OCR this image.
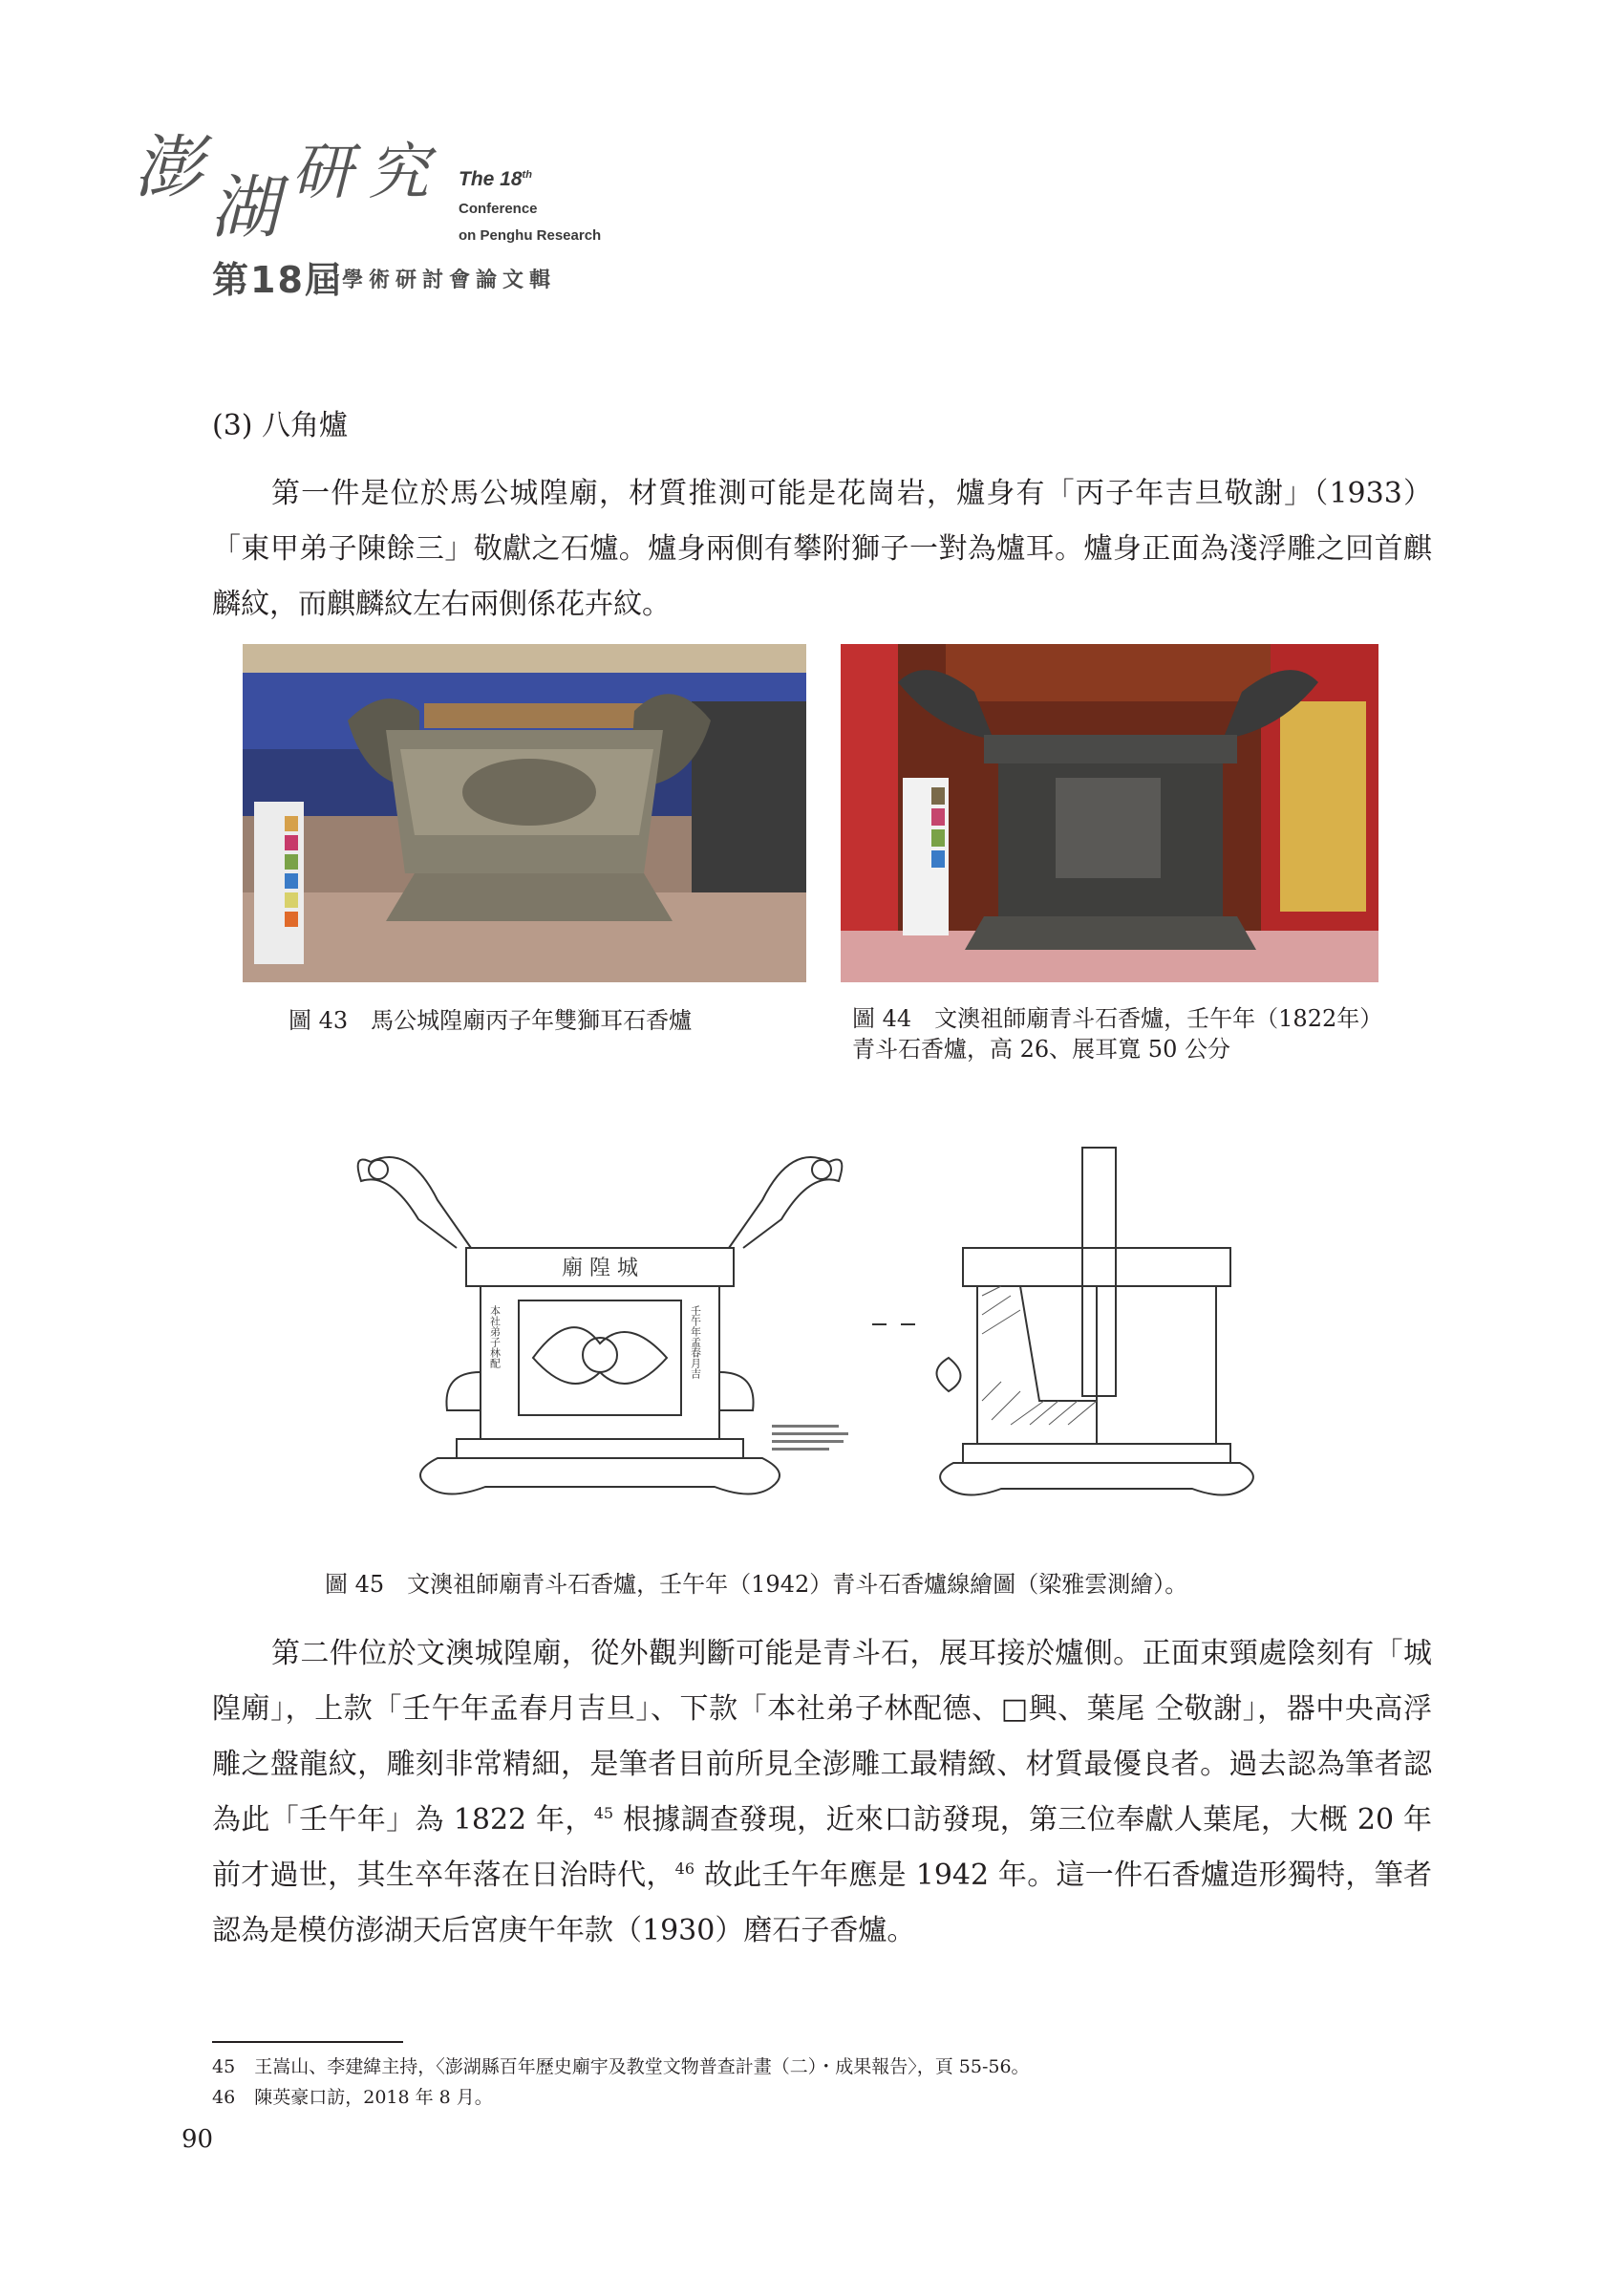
澎 湖 研 究	The 18th
Conference
on Penghu Research
第18屆 學術研討會論文輯
(3) 八角爐

第一件是位於馬公城隍廟，材質推測可能是花崗岩，爐身有「丙子年吉旦敬謝」（1933）「東甲弟子陳餘三」敬獻之石爐。爐身兩側有攀附獅子一對為爐耳。爐身正面為淺浮雕之回首麒麟紋，而麒麟紋左右兩側係花卉紋。

圖 43　馬公城隍廟丙子年雙獅耳石香爐	圖 44　文澳祖師廟青斗石香爐，壬午年（1822年）青斗石香爐，高 26、展耳寬 50 公分
廟 隍 城
本社弟子林配	壬午年孟春月吉
圖 45　文澳祖師廟青斗石香爐，壬午年（1942）青斗石香爐線繪圖（梁雅雲測繪）。

第二件位於文澳城隍廟，從外觀判斷可能是青斗石，展耳接於爐側。正面束頸處陰刻有「城隍廟」，上款「壬午年孟春月吉旦」、下款「本社弟子林配德、□興、葉尾 仝敬謝」，器中央高浮雕之盤龍紋，雕刻非常精細，是筆者目前所見全澎雕工最精緻、材質最優良者。過去認為筆者認為此「壬午年」為 1822 年，$^{45}$ 根據調查發現，近來口訪發現，第三位奉獻人葉尾，大概 20 年前才過世，其生卒年落在日治時代，$^{46}$ 故此壬午年應是 1942 年。這一件石香爐造形獨特，筆者認為是模仿澎湖天后宮庚午年款（1930）磨石子香爐。

45 王嵩山、李建緯主持，〈澎湖縣百年歷史廟宇及教堂文物普查計畫（二）・成果報告〉，頁 55-56。
46 陳英豪口訪，2018 年 8 月。
90
